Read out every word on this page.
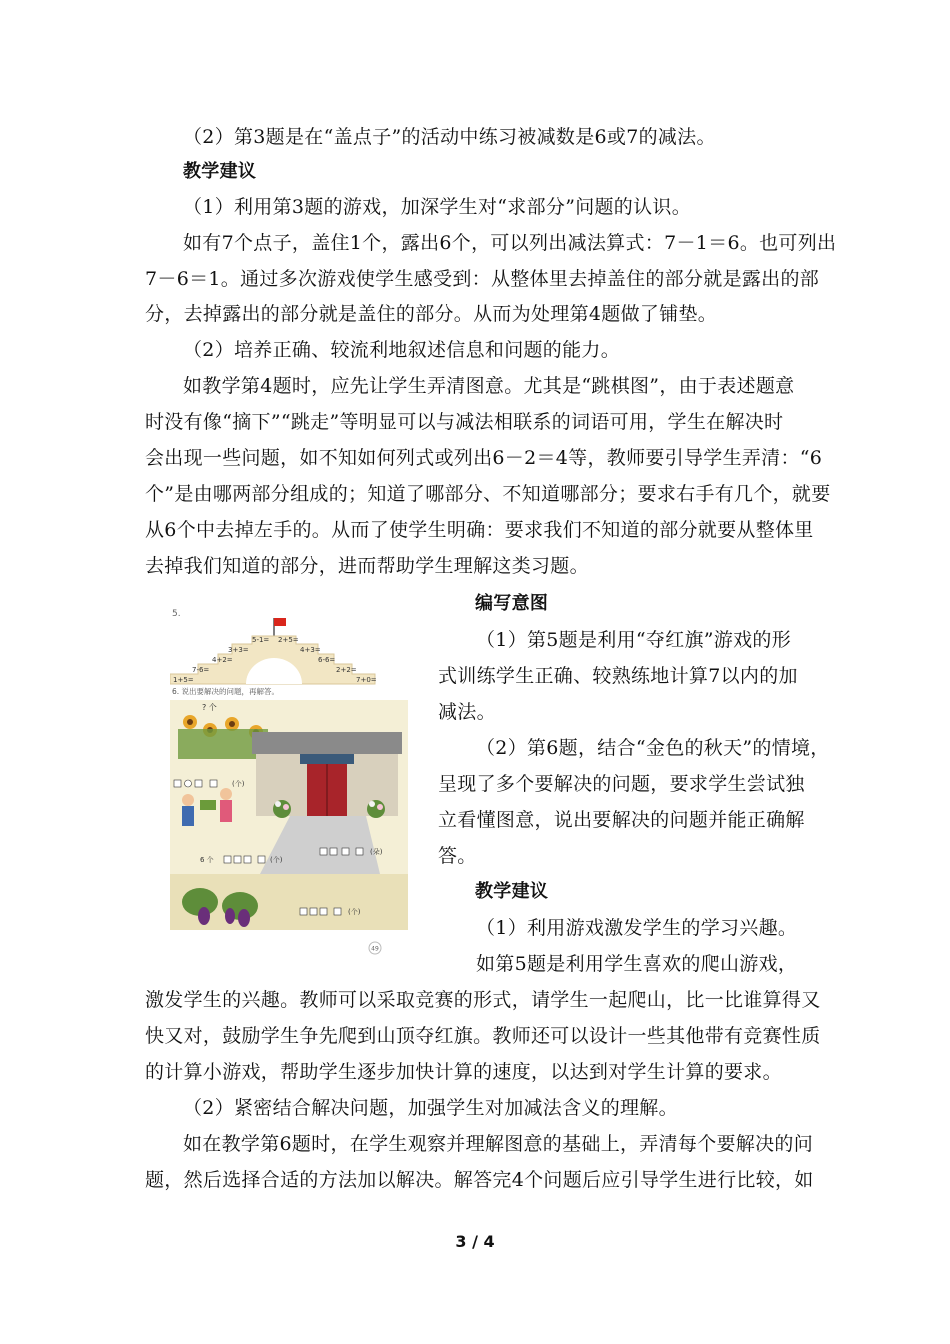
（2）第3题是在“盖点子”的活动中练习被减数是6或7的减法。
教学建议
（1）利用第3题的游戏，加深学生对“求部分”问题的认识。
如有7个点子，盖住1个，露出6个，可以列出减法算式：7－1＝6。也可列出
7－6＝1。通过多次游戏使学生感受到：从整体里去掉盖住的部分就是露出的部
分，去掉露出的部分就是盖住的部分。从而为处理第4题做了铺垫。
（2）培养正确、较流利地叙述信息和问题的能力。
如教学第4题时，应先让学生弄清图意。尤其是“跳棋图”，由于表述题意
时没有像“摘下”“跳走”等明显可以与减法相联系的词语可用，学生在解决时
会出现一些问题，如不知如何列式或列出6－2＝4等，教师要引导学生弄清：“6
个”是由哪两部分组成的；知道了哪部分、不知道哪部分；要求右手有几个，就要
从6个中去掉左手的。从而了使学生明确：要求我们不知道的部分就要从整体里
去掉我们知道的部分，进而帮助学生理解这类习题。
5.
1+5=
7-6=
4+2=
3+3=
5-1= 2+5=
4+3=
6-6=
2+2=
7+0=
6. 说出要解决的问题，再解答。
? 个
(个)
6 个	(个)
(朵)
(个)
49
编写意图
（1）第5题是利用“夺红旗”游戏的形
式训练学生正确、较熟练地计算7以内的加
减法。
（2）第6题，结合“金色的秋天”的情境，
呈现了多个要解决的问题，要求学生尝试独
立看懂图意，说出要解决的问题并能正确解
答。
教学建议
（1）利用游戏激发学生的学习兴趣。
如第5题是利用学生喜欢的爬山游戏，
激发学生的兴趣。教师可以采取竞赛的形式，请学生一起爬山，比一比谁算得又
快又对，鼓励学生争先爬到山顶夺红旗。教师还可以设计一些其他带有竞赛性质
的计算小游戏，帮助学生逐步加快计算的速度，以达到对学生计算的要求。
（2）紧密结合解决问题，加强学生对加减法含义的理解。
如在教学第6题时，在学生观察并理解图意的基础上，弄清每个要解决的问
题，然后选择合适的方法加以解决。解答完4个问题后应引导学生进行比较，如
3 / 4
